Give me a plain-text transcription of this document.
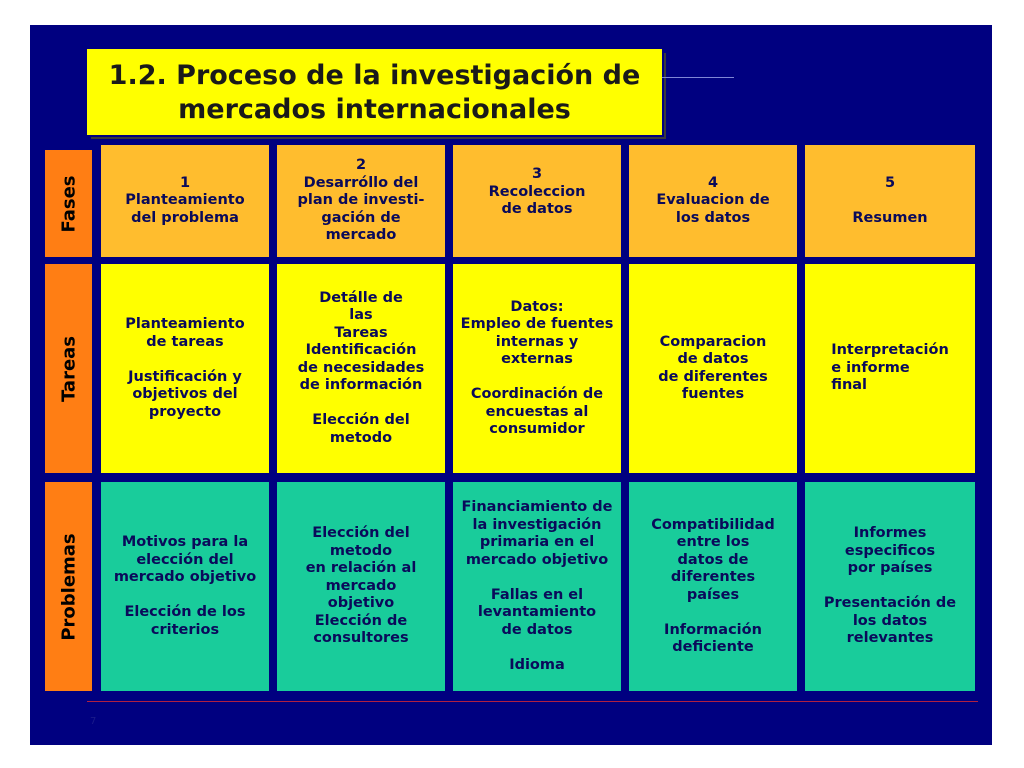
1.2. Proceso de la investigación de
mercados internacionales
Fases
Tareas
Problemas
1
Planteamiento
del problema
2
Desarróllo del
plan de investi-
gación de
mercado
3
Recoleccion
de datos

4
Evaluacion de
los datos
5

Resumen
Planteamiento
de tareas

Justificación y
objetivos del
proyecto
Detálle de
las
Tareas
Identificación
de necesidades
de información

Elección del
metodo
Datos:
Empleo de fuentes
internas y
externas

Coordinación de
encuestas al
consumidor
Comparacion
de datos
de diferentes
fuentes
Interpretación
e informe
final
Motivos para la
elección del
mercado objetivo

Elección de los
criterios
Elección del
metodo
en relación al
mercado
objetivo
Elección de
consultores
Financiamiento de
la investigación
primaria en el
mercado objetivo

Fallas en el
levantamiento
de datos

Idioma
Compatibilidad
entre los
datos de
diferentes
países

Información
deficiente
Informes
especificos
por países

Presentación de
los datos
relevantes
7
